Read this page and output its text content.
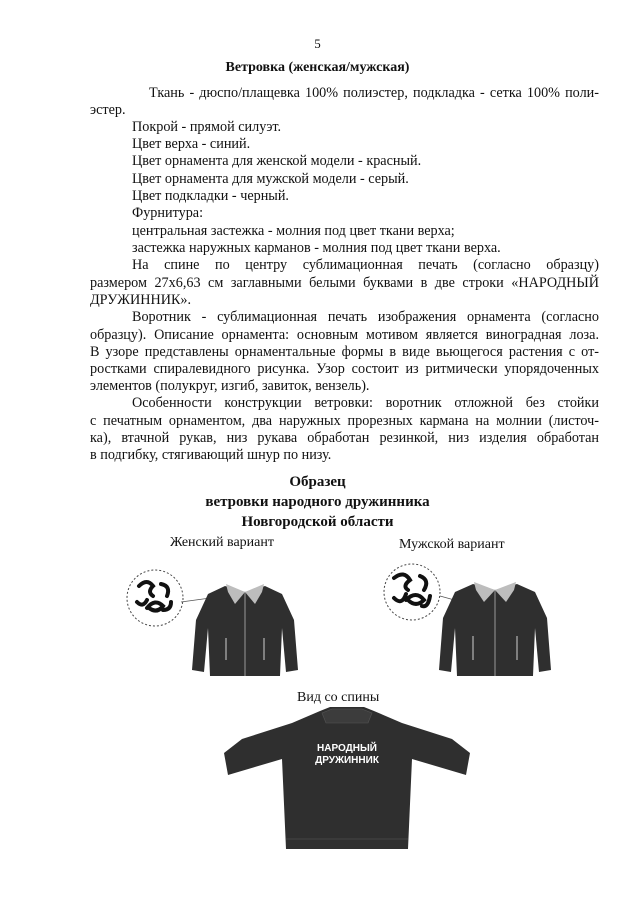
5
Ветровка (женская/мужская)
Ткань - дюспо/плащевка 100% полиэстер, подкладка - сетка 100% поли-
эстер.
Покрой - прямой силуэт.
Цвет верха - синий.
Цвет орнамента для женской модели - красный.
Цвет орнамента для мужской модели - серый.
Цвет подкладки - черный.
Фурнитура:
центральная застежка - молния под цвет ткани верха;
застежка наружных карманов - молния под цвет ткани верха.
На спине по центру сублимационная печать (согласно образцу)
размером 27х6,63 см заглавными белыми буквами в две строки «НАРОДНЫЙ
ДРУЖИННИК».
Воротник - сублимационная печать изображения орнамента (согласно
образцу). Описание орнамента: основным мотивом является виноградная лоза.
В узоре представлены орнаментальные формы в виде вьющегося растения с от-
ростками спиралевидного рисунка. Узор состоит из ритмически упорядоченных
элементов (полукруг, изгиб, завиток, вензель).
Особенности конструкции ветровки: воротник отложной без стойки
с печатным орнаментом, два наружных прорезных кармана на молнии (листоч-
ка), втачной рукав, низ рукава обработан резинкой, низ изделия обработан
в подгибку, стягивающий шнур по низу.
Образец
ветровки народного дружинника
Новгородской области
Женский вариант	Мужской вариант
Вид со спины
НАРОДНЫЙ
ДРУЖИННИК
